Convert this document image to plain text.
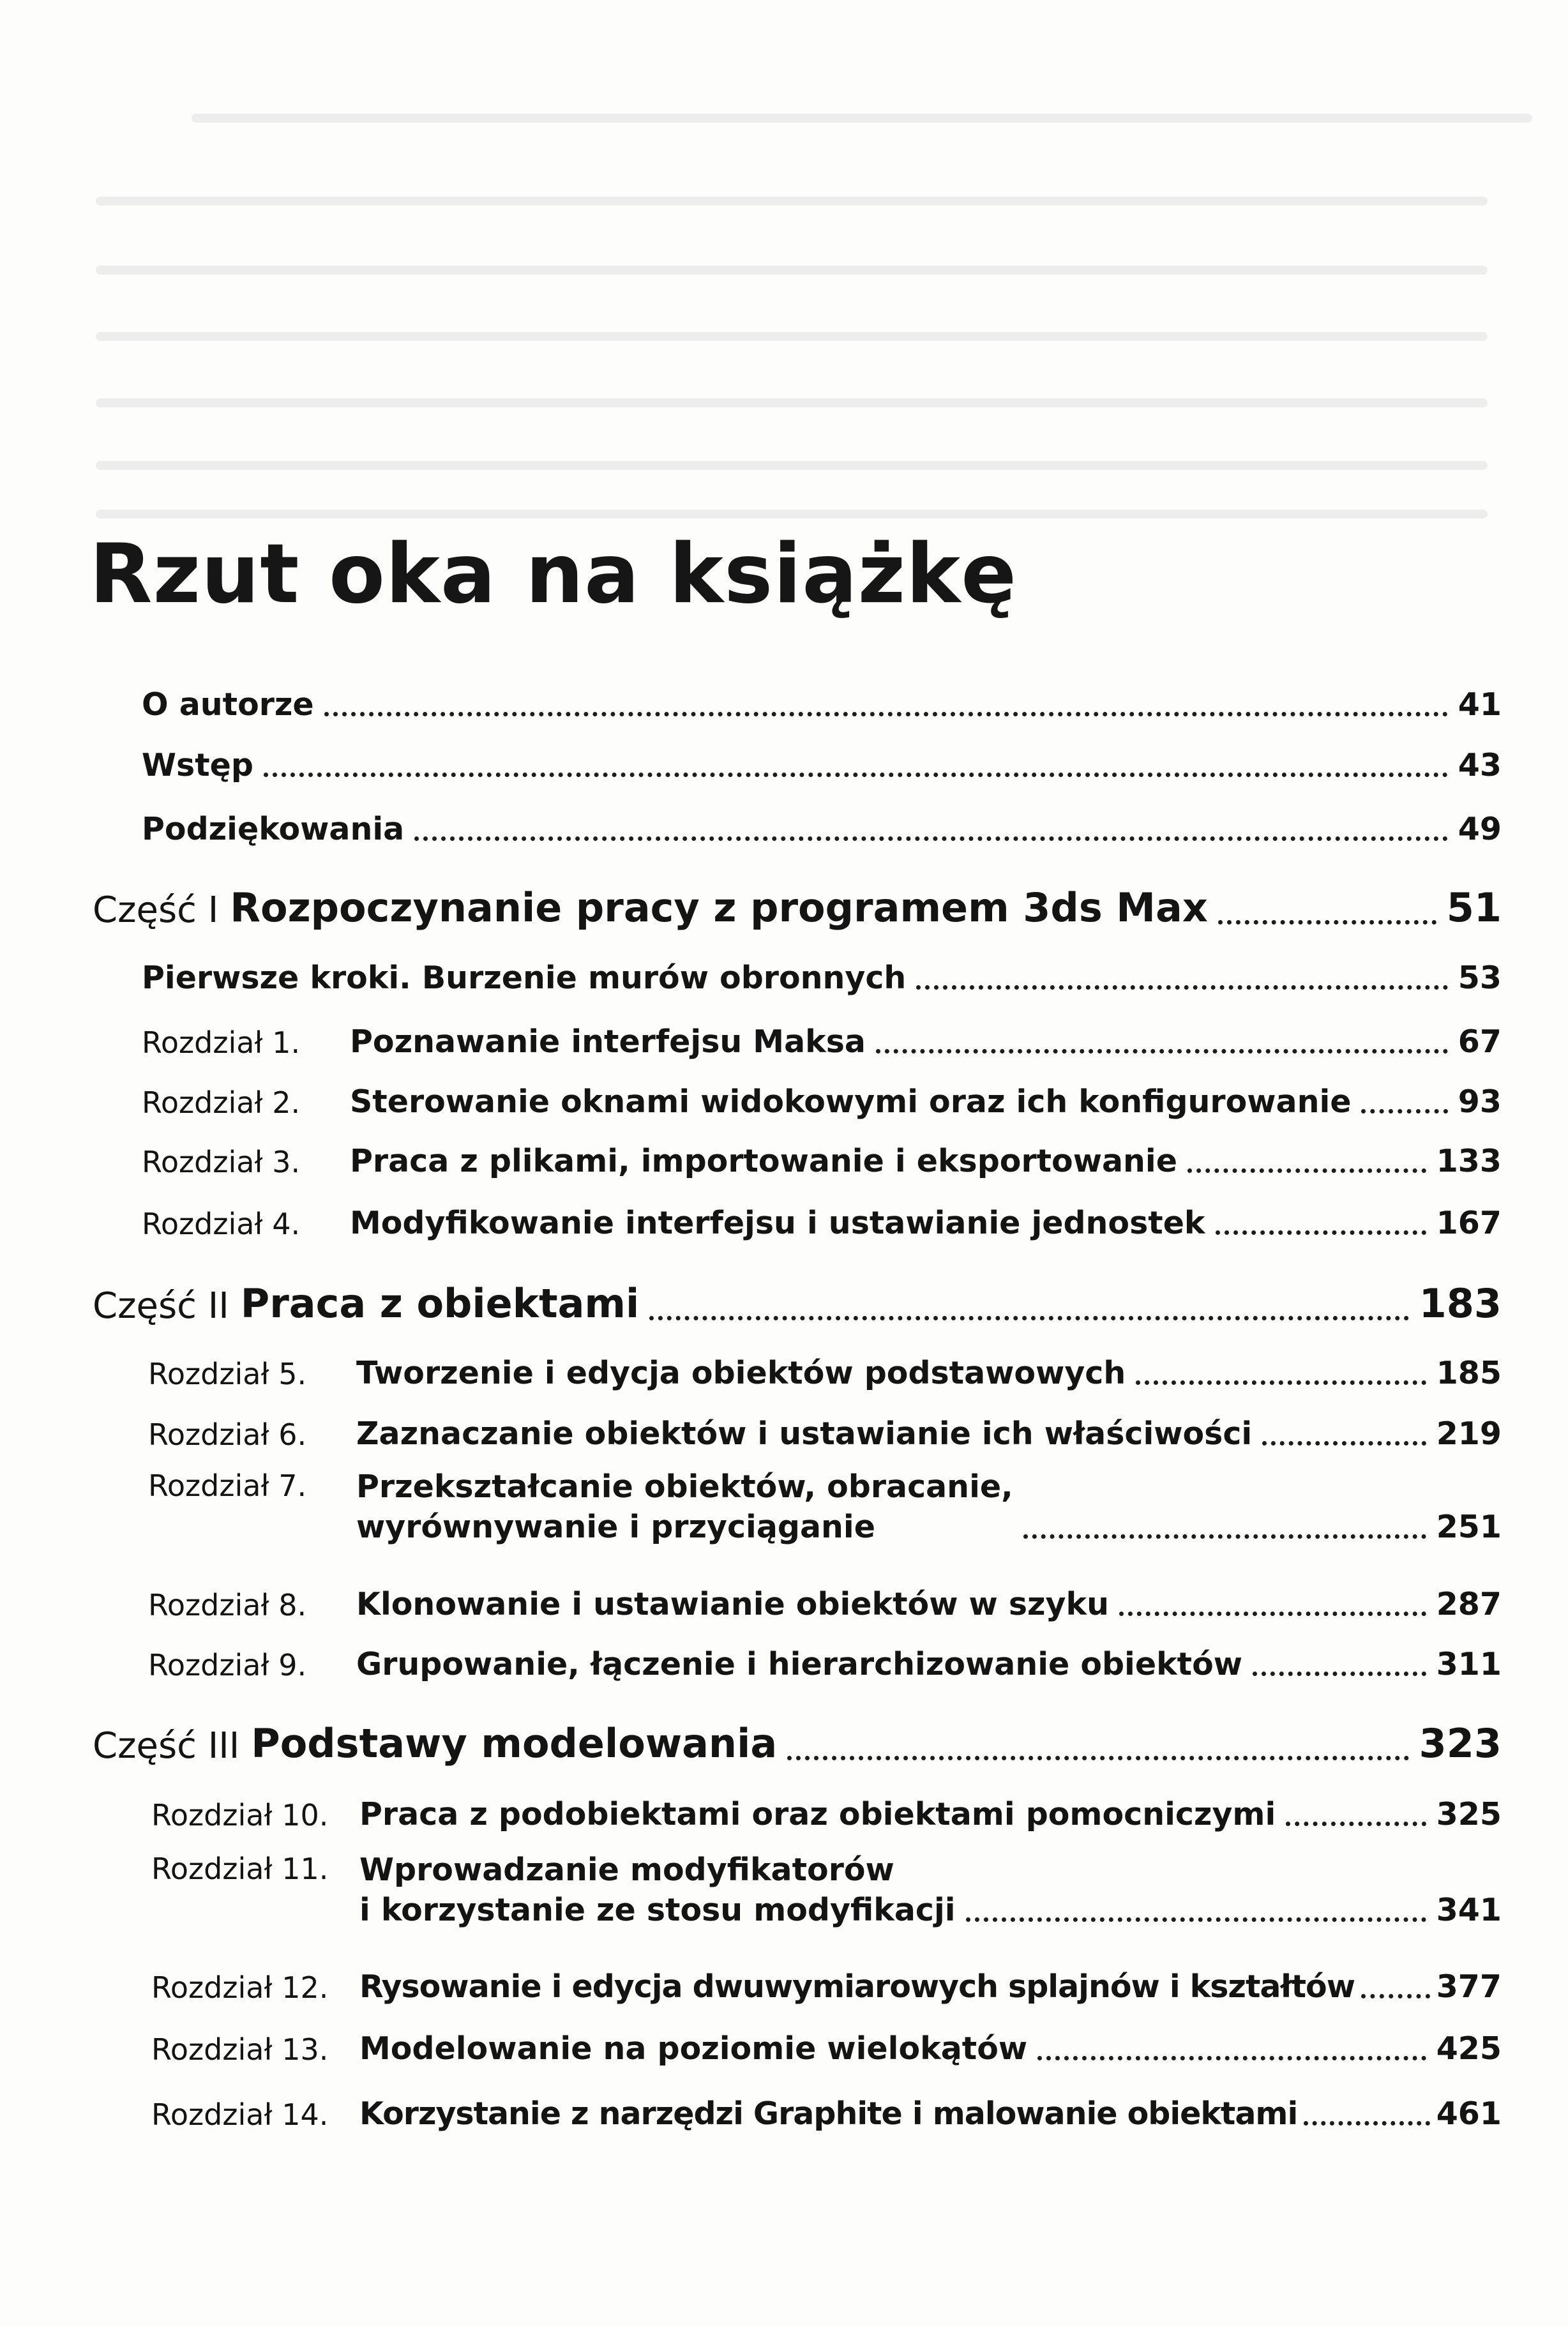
Rzut oka na książkę
O autorze	41
Wstęp	43
Podziękowania	49
Część I Rozpoczynanie pracy z programem 3ds Max	51
Pierwsze kroki. Burzenie murów obronnych	53
Rozdział 1.	Poznawanie interfejsu Maksa	67
Rozdział 2.	Sterowanie oknami widokowymi oraz ich konfigurowanie	93
Rozdział 3.	Praca z plikami, importowanie i eksportowanie	133
Rozdział 4.	Modyfikowanie interfejsu i ustawianie jednostek	167
Część II Praca z obiektami	183
Rozdział 5.	Tworzenie i edycja obiektów podstawowych	185
Rozdział 6.	Zaznaczanie obiektów i ustawianie ich właściwości	219
Rozdział 7.	Przekształcanie obiektów, obracanie,
wyrównywanie i przyciąganie	251
Rozdział 8.	Klonowanie i ustawianie obiektów w szyku	287
Rozdział 9.	Grupowanie, łączenie i hierarchizowanie obiektów	311
Część III Podstawy modelowania	323
Rozdział 10. Praca z podobiektami oraz obiektami pomocniczymi	325
Rozdział 11. Wprowadzanie modyfikatorów
i korzystanie ze stosu modyfikacji	341
Rozdział 12. Rysowanie i edycja dwuwymiarowych splajnów i kształtów	377
Rozdział 13. Modelowanie na poziomie wielokątów	425
Rozdział 14. Korzystanie z narzędzi Graphite i malowanie obiektami	461
